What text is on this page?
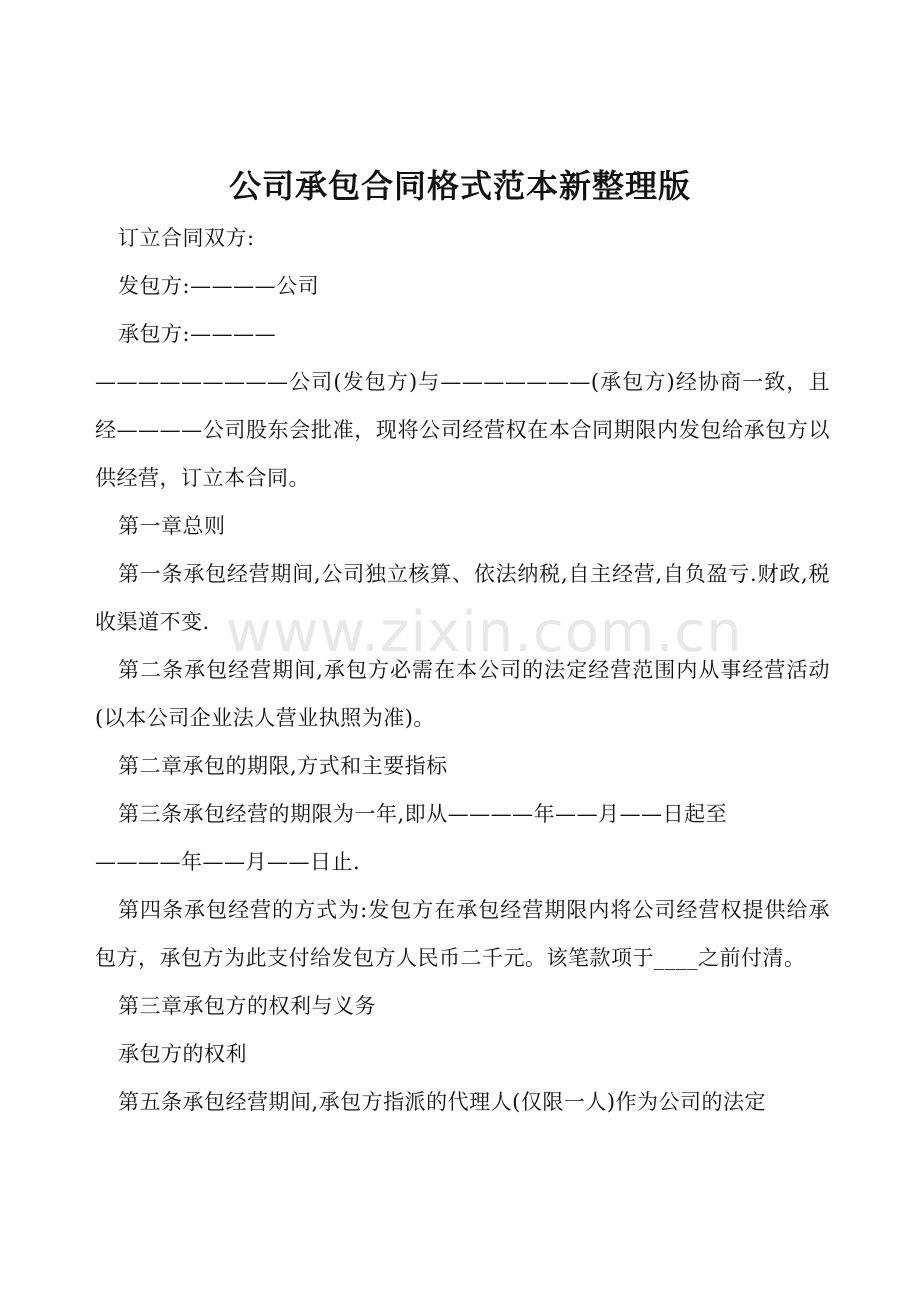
公司承包合同格式范本新整理版

订立合同双方:

发包方:————公司

承包方:————

—————————公司(发包方)与———————(承包方)经协商一致，且经————公司股东会批准，现将公司经营权在本合同期限内发包给承包方以供经营，订立本合同。

第一章总则

第一条承包经营期间,公司独立核算、依法纳税,自主经营,自负盈亏.财政,税收渠道不变.

第二条承包经营期间,承包方必需在本公司的法定经营范围内从事经营活动(以本公司企业法人营业执照为准)。

第二章承包的期限,方式和主要指标

第三条承包经营的期限为一年,即从————年——月——日起至

————年——月——日止.

第四条承包经营的方式为:发包方在承包经营期限内将公司经营权提供给承包方，承包方为此支付给发包方人民币二千元。该笔款项于____之前付清。

第三章承包方的权利与义务

承包方的权利

第五条承包经营期间,承包方指派的代理人(仅限一人)作为公司的法定

www.zixin.com.cn
